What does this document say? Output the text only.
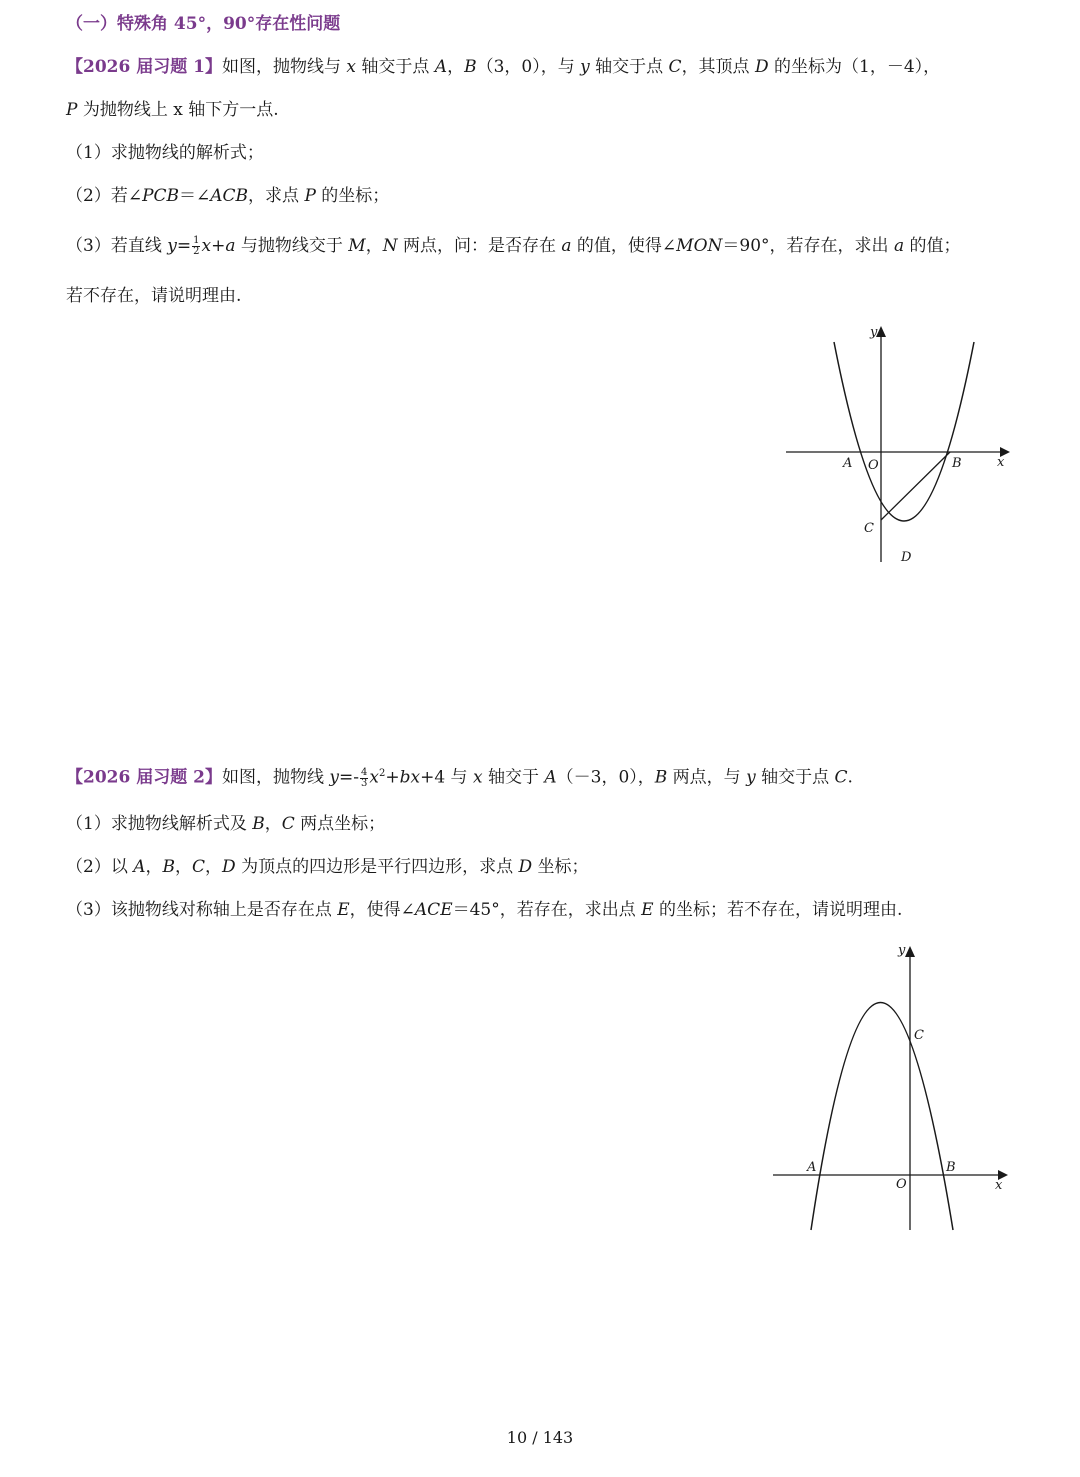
（一）特殊角 45°，90°存在性问题
【2026 届习题 1】如图，抛物线与 x 轴交于点 A，B（3，0），与 y 轴交于点 C，其顶点 D 的坐标为（1，－4），
P 为抛物线上 x 轴下方一点.
（1）求抛物线的解析式；
（2）若∠PCB＝∠ACB，求点 P 的坐标；
（3）若直线 $y= \frac{1}{2} x+a$ 与抛物线交于 M，N 两点，问：是否存在 a 的值，使得∠MON＝90°，若存在，求出 a 的值；
若不存在，请说明理由.
y
x
A O	B
C
D
【2026 届习题 2】如图，抛物线 $y=- \frac{4}{3} x^2+bx+4$ 与 x 轴交于 A（－3，0），B 两点，与 y 轴交于点 C.
（1）求抛物线解析式及 B，C 两点坐标；
（2）以 A，B，C，D 为顶点的四边形是平行四边形，求点 D 坐标；
（3）该抛物线对称轴上是否存在点 E，使得∠ACE＝45°，若存在，求出点 E 的坐标；若不存在，请说明理由.
y
x
A
O
B
C
10 / 143
